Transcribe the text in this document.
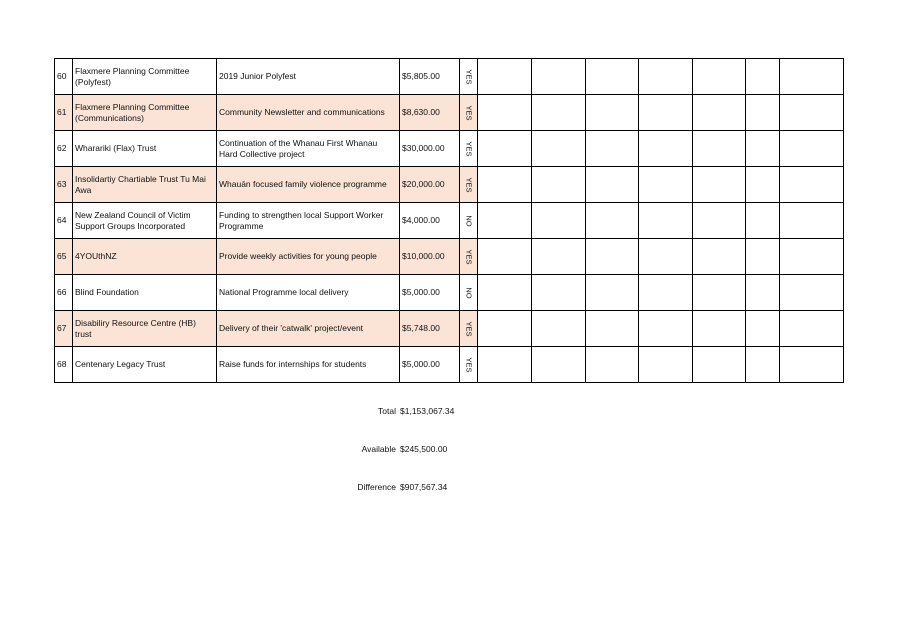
60	Flaxmere Planning Committee (Polyfest)	2019 Junior Polyfest	$5,805.00	YES							

61	Flaxmere Planning Committee (Communications)	Community Newsletter and communications	$8,630.00	YES							

62	Wharariki (Flax) Trust	Continuation of the Whanau First Whanau Hard Collective project	$30,000.00	YES							

63	Insolidartiy Chartiable Trust Tu Mai Awa	Whauān focused family violence programme	$20,000.00	YES							

64	New Zealand Council of Victim Support Groups Incorporated	Funding to strengthen local Support Worker Programme	$4,000.00	NO							

65	4YOUthNZ	Provide weekly activities for young people	$10,000.00	YES							

66	Blind Foundation	National Programme local delivery	$5,000.00	NO							

67	Disabiliry Resource Centre (HB) trust	Delivery of their 'catwalk' project/event	$5,748.00	YES							

68	Centenary Legacy Trust	Raise funds for internships for students	$5,000.00	YES							

Total $1,153,067.34
Available $245,500.00
Difference $907,567.34
